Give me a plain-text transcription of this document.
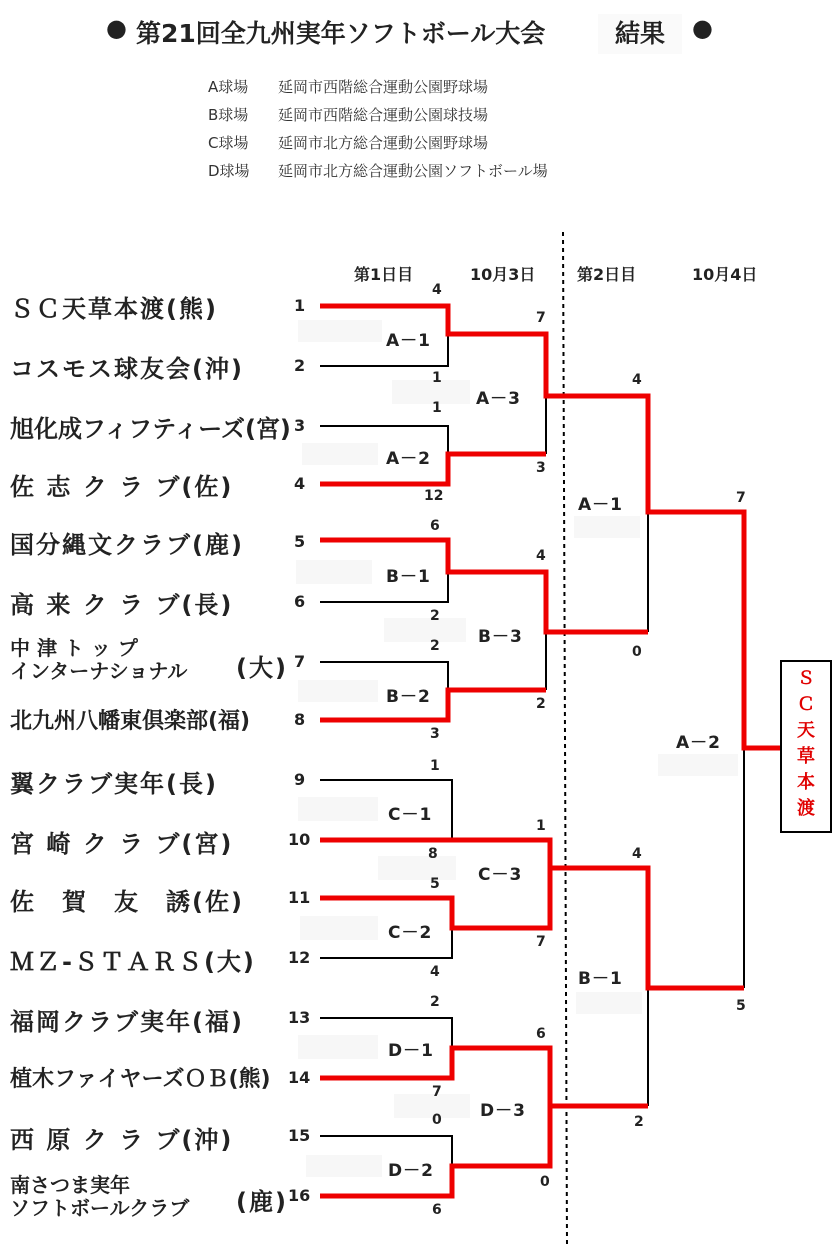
● 第21回全九州実年ソフトボール大会	結果	●
A球場	延岡市西階総合運動公園野球場
B球場	延岡市西階総合運動公園球技場
C球場	延岡市北方総合運動公園野球場
D球場	延岡市北方総合運動公園ソフトボール場
第1日目	10月3日	第2日目	10月4日
ＳＣ天草本渡(熊)
コスモス球友会(沖)
旭化成フィフティーズ(宮)
佐 志 ク ラ ブ(佐)
国分縄文クラブ(鹿)
高 来 ク ラ ブ(長)
中 津 ト ッ プ
インターナショナル (大)
北九州八幡東倶楽部(福)
翼クラブ実年(長)
宮 崎 ク ラ ブ(宮)
佐　賀　友　誘(佐)
ＭＺ-ＳＴＡＲＳ(大)
福岡クラブ実年(福)
植木ファイヤーズＯＢ(熊)
西 原 ク ラ ブ(沖)
南さつま実年
ソフトボールクラブ (鹿)
1
2
3
4
5
6
7
8
9
10
11
12
13
14
15
16
A－1
A－2
B－1
B－2
C－1
C－2
D－1
D－2
A－3
B－3
C－3
D－3
A－1
B－1
A－2
4
1
1
12
6
2
2
3
1
8
5
4
2
7
0
6
7
3
4
2
1
7
6
0
4
0
4
2
7
5
Ｓ
Ｃ
天
草
本
渡
